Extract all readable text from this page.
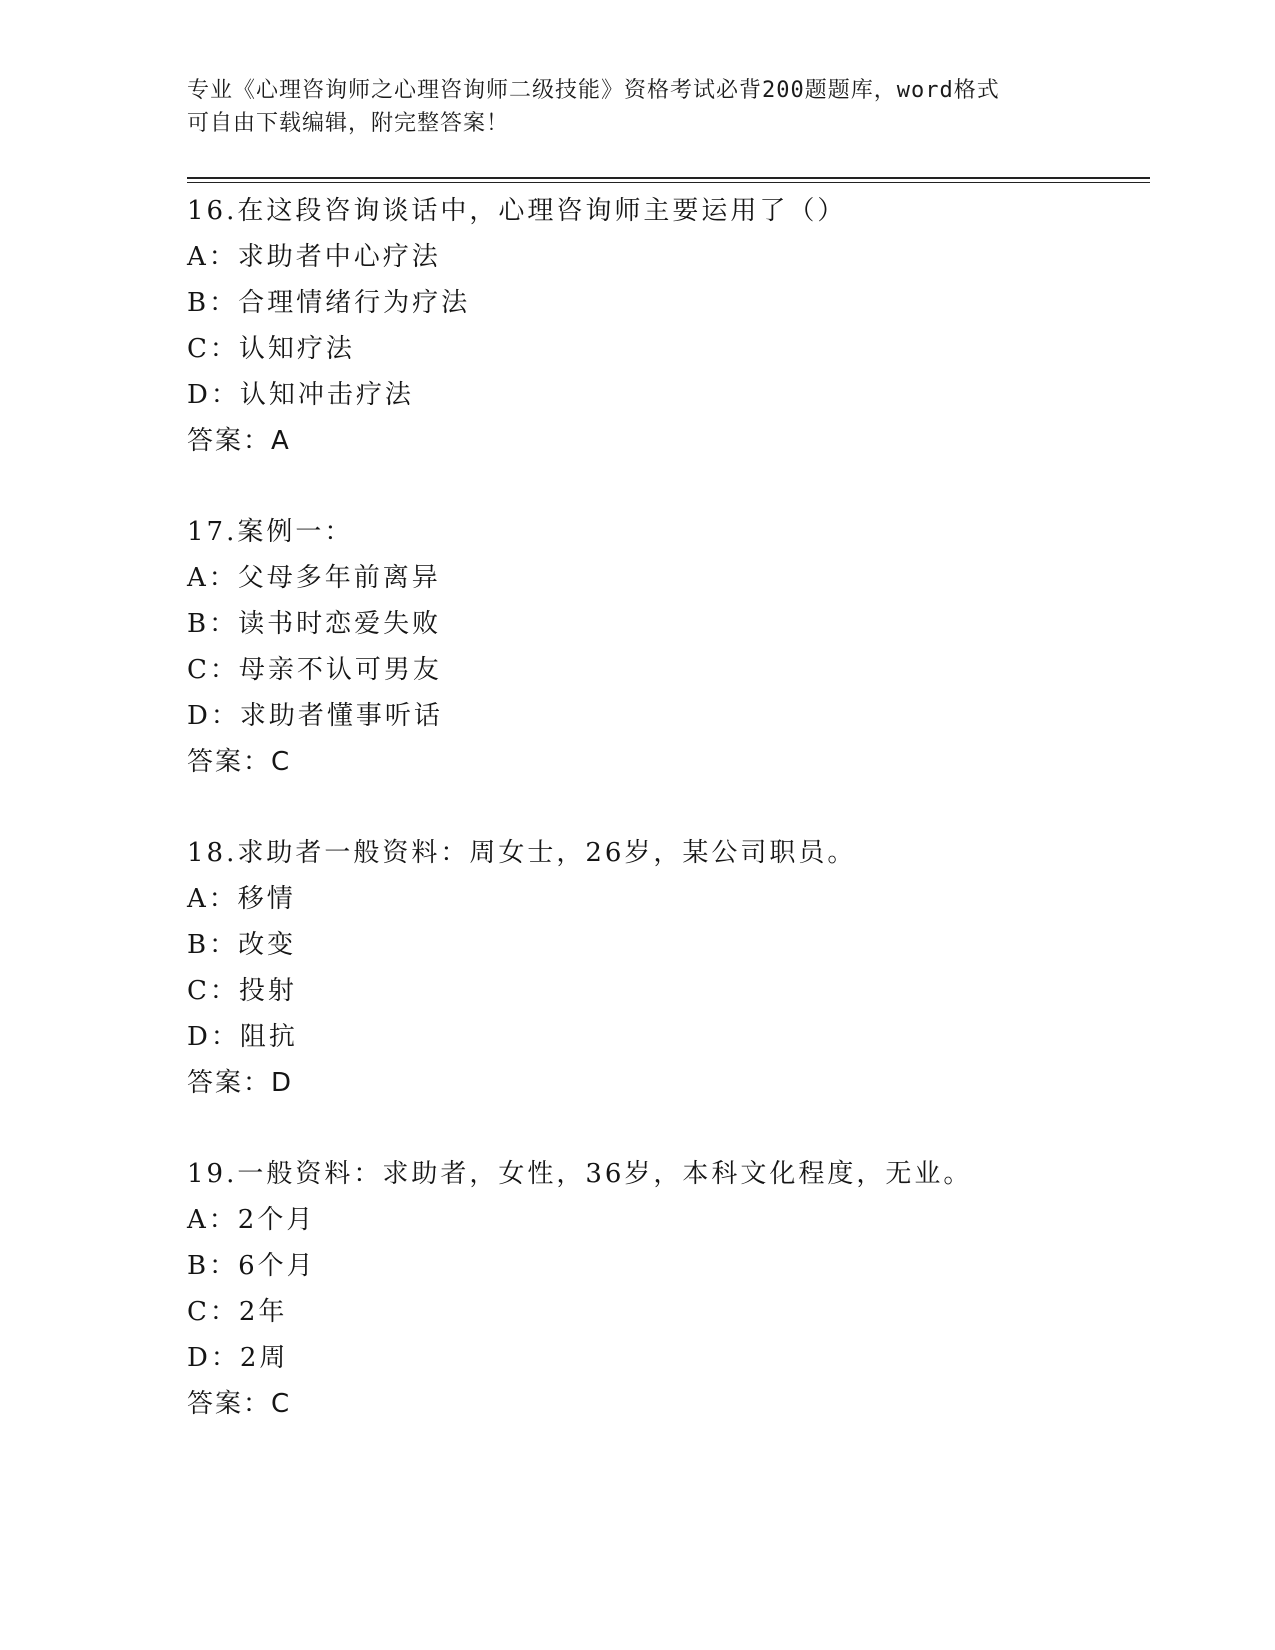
专业《心理咨询师之心理咨询师二级技能》资格考试必背200题题库，word格式
可自由下载编辑，附完整答案！
16.在这段咨询谈话中，心理咨询师主要运用了（）
A：求助者中心疗法
B：合理情绪行为疗法
C：认知疗法
D：认知冲击疗法
答案：A
17.案例一：
A：父母多年前离异
B：读书时恋爱失败
C：母亲不认可男友
D：求助者懂事听话
答案：C
18.求助者一般资料：周女士，26岁，某公司职员。
A：移情
B：改变
C：投射
D：阻抗
答案：D
19.一般资料：求助者，女性，36岁，本科文化程度，无业。
A：2个月
B：6个月
C：2年
D：2周
答案：C
